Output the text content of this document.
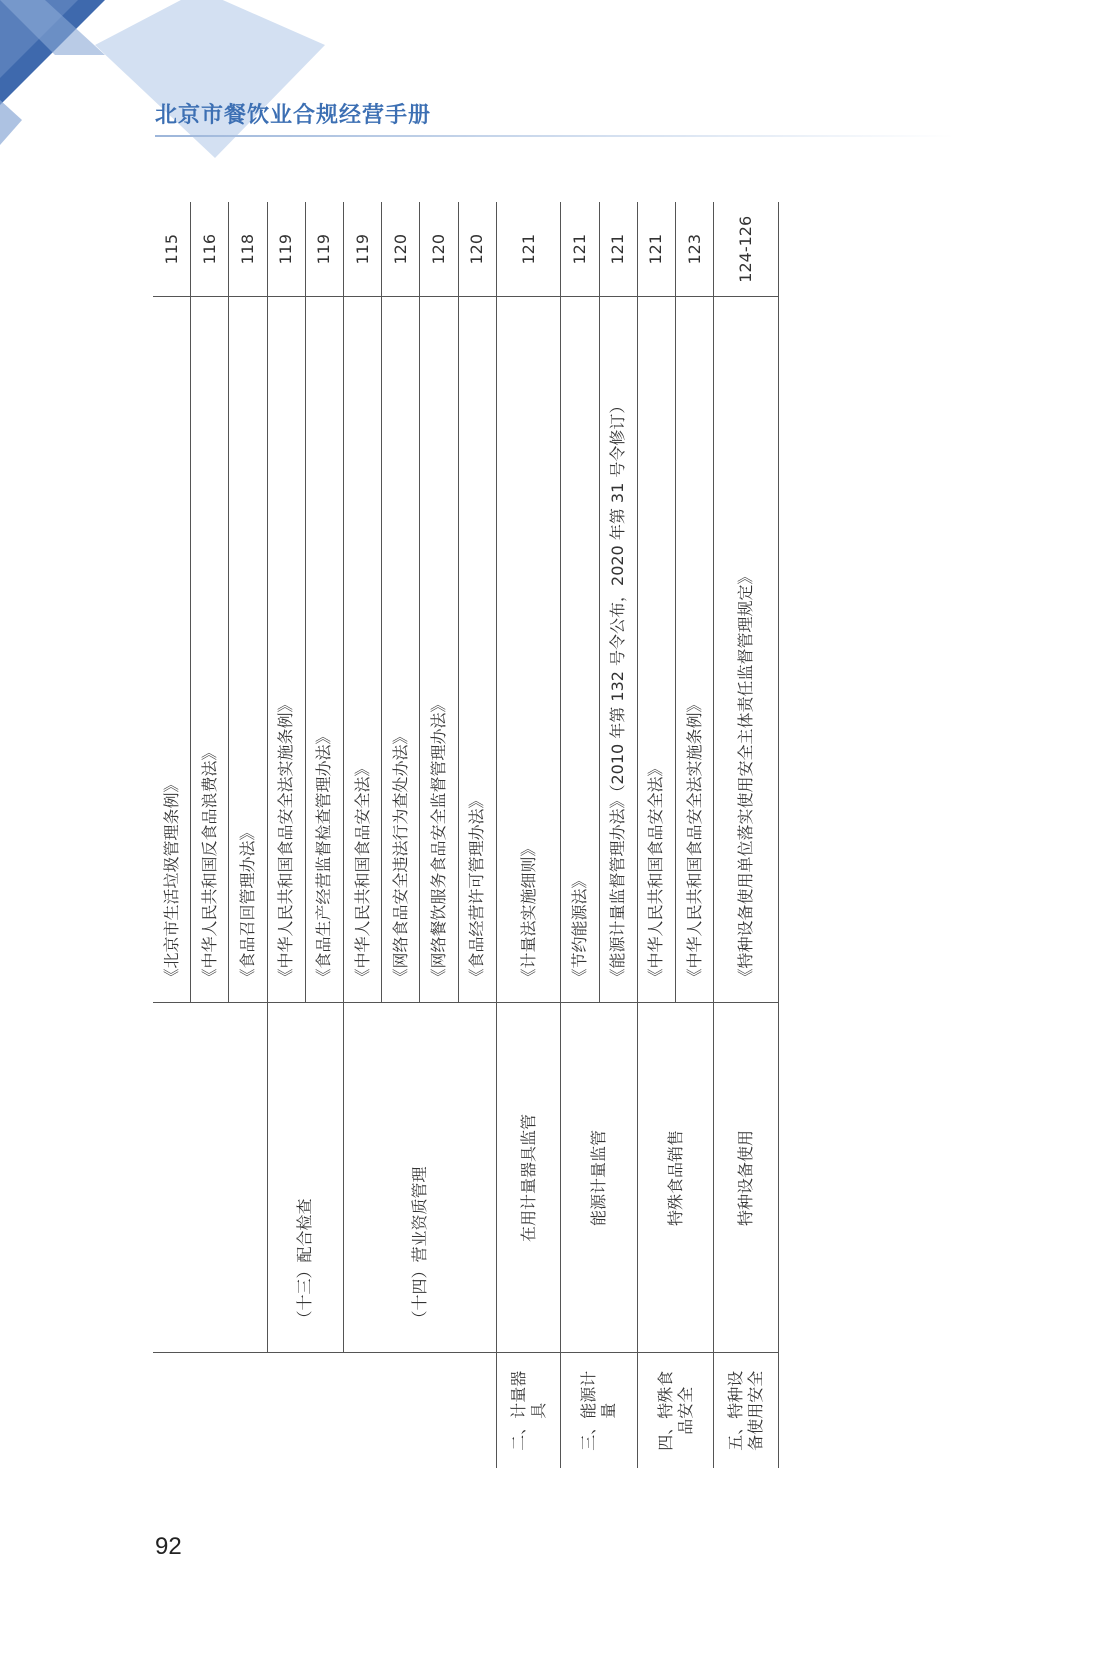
北京市餐饮业合规经营手册
		《北京市生活垃圾管理条例》	115
		《中华人民共和国反食品浪费法》	116
		《食品召回管理办法》	118
	（十三）配合检查	《中华人民共和国食品安全法实施条例》	119
		《食品生产经营监督检查管理办法》	119
	（十四）营业资质管理	《中华人民共和国食品安全法》	119
		《网络食品安全违法行为查处办法》	120
		《网络餐饮服务食品安全监督管理办法》	120
		《食品经营许可管理办法》	120
二、计量器具	在用计量器具监管	《计量法实施细则》	121
三、能源计量	能源计量监管	《节约能源法》	121
		《能源计量监督管理办法》（2010 年第 132 号令公布，2020 年第 31 号令修订）	121
四、特殊食品安全	特殊食品销售	《中华人民共和国食品安全法》	121
		《中华人民共和国食品安全法实施条例》	123
五、特种设备使用安全	特种设备使用	《特种设备使用单位落实使用安全主体责任监督管理规定》	124-126
92
